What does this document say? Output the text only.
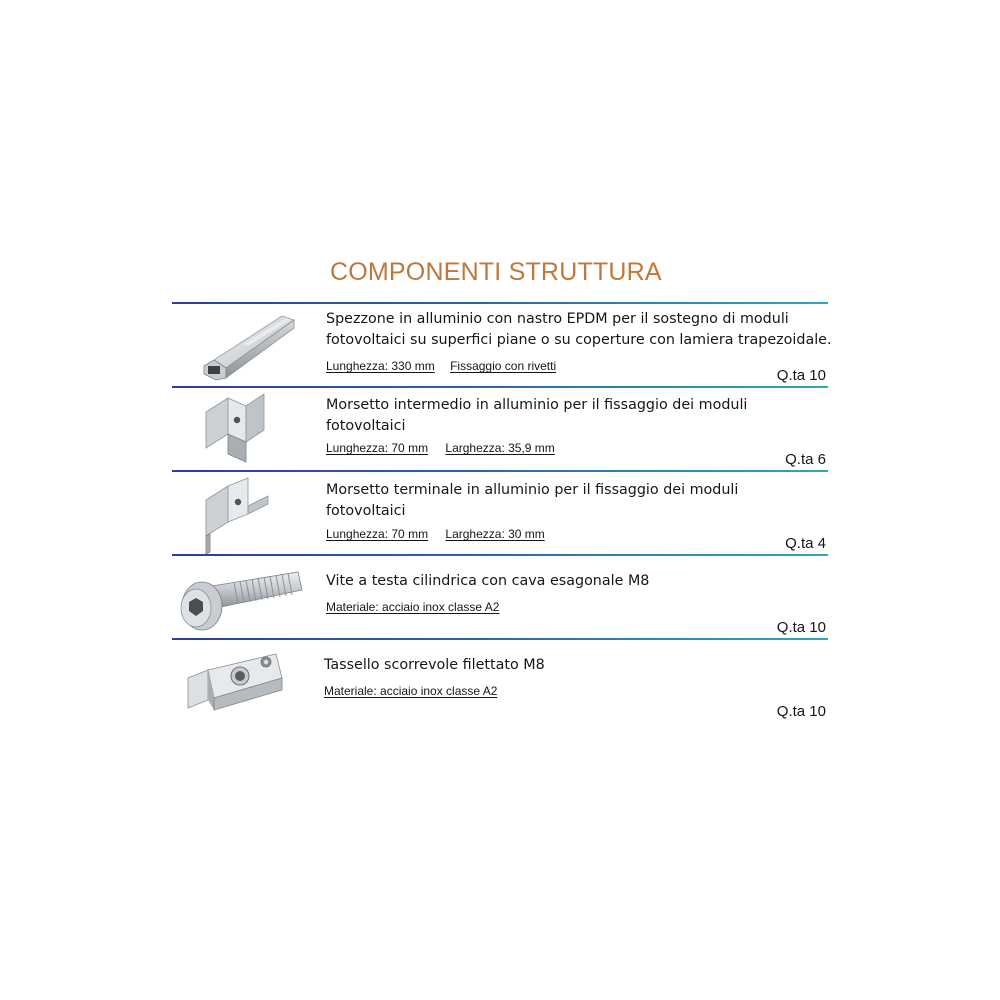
COMPONENTI STRUTTURA
Spezzone in alluminio con nastro EPDM per il sostegno di moduli
fotovoltaici su superfici piane o su coperture con lamiera trapezoidale.
Lunghezza: 330 mm Fissaggio con rivetti
Q.ta 10
Morsetto intermedio in alluminio per il fissaggio dei moduli
fotovoltaici
Lunghezza: 70 mm Larghezza: 35,9 mm
Q.ta 6
Morsetto terminale in alluminio per il fissaggio dei moduli
fotovoltaici
Lunghezza: 70 mm Larghezza: 30 mm
Q.ta 4
Vite a testa cilindrica con cava esagonale M8
Materiale: acciaio inox classe A2
Q.ta 10
Tassello scorrevole filettato M8
Materiale: acciaio inox classe A2
Q.ta 10
